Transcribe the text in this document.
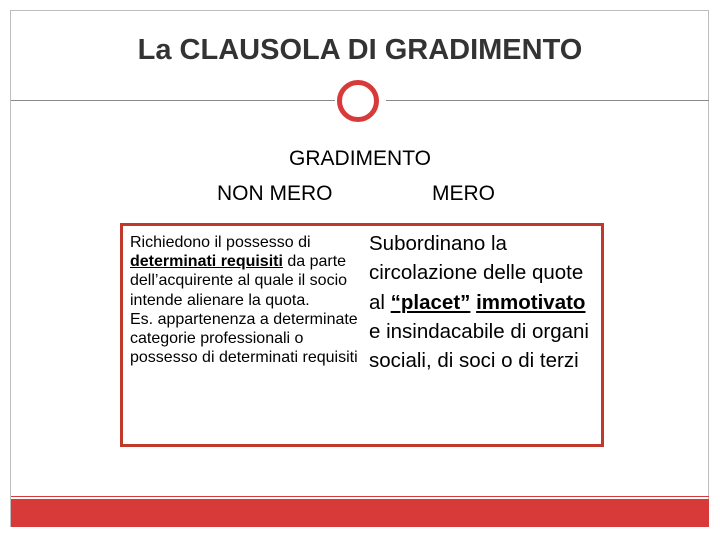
La CLAUSOLA DI GRADIMENTO
GRADIMENTO
NON MERO	MERO
Richiedono il possesso di determinati requisiti da parte dell’acquirente al quale il socio intende alienare la quota.
Es. appartenenza a determinate categorie professionali o possesso di determinati requisiti
Subordinano la circolazione delle quote al “placet” immotivato e insindacabile di organi sociali, di soci o di terzi
